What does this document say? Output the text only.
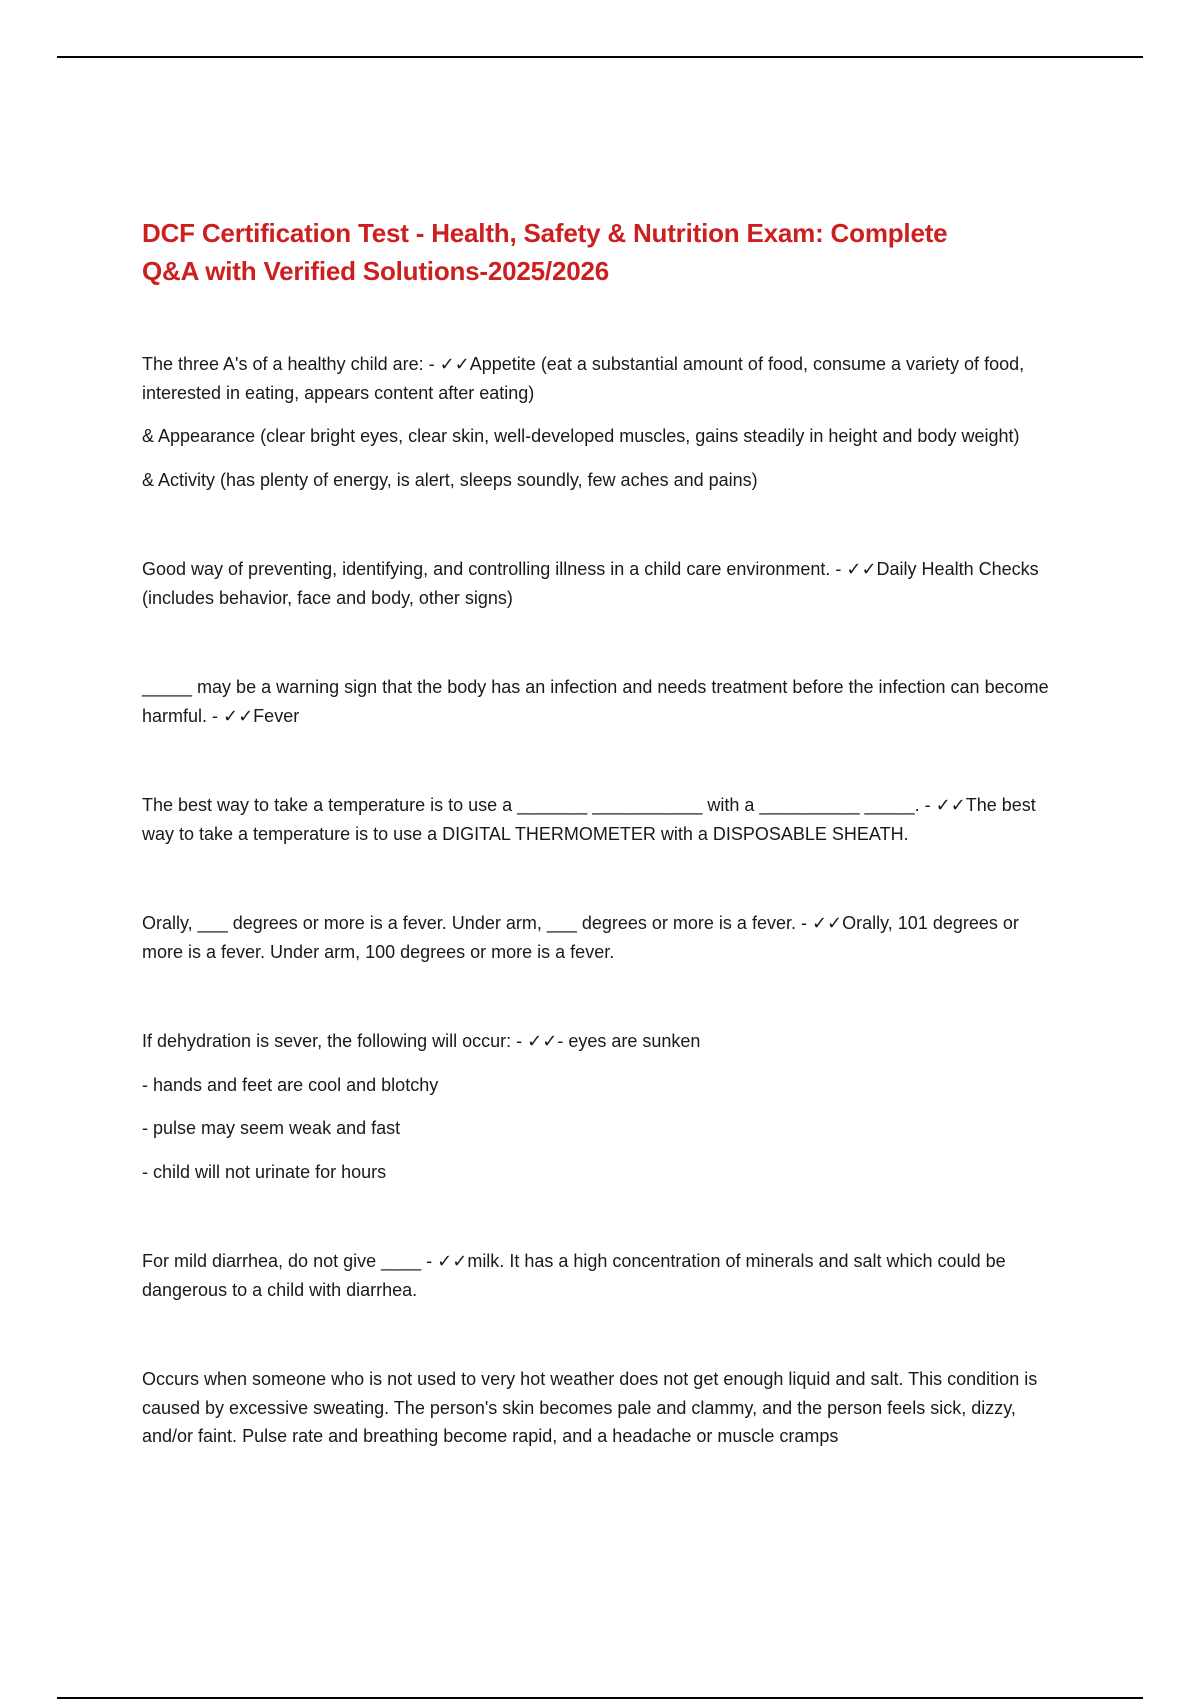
DCF Certification Test - Health, Safety & Nutrition Exam: Complete
Q&A with Verified Solutions-2025/2026

The three A's of a healthy child are: - ✓✓Appetite (eat a substantial amount of food, consume a variety of food, interested in eating, appears content after eating)

& Appearance (clear bright eyes, clear skin, well-developed muscles, gains steadily in height and body weight)

& Activity (has plenty of energy, is alert, sleeps soundly, few aches and pains)

Good way of preventing, identifying, and controlling illness in a child care environment. - ✓✓Daily Health Checks (includes behavior, face and body, other signs)

_____ may be a warning sign that the body has an infection and needs treatment before the infection can become harmful. - ✓✓Fever

The best way to take a temperature is to use a _______ ___________ with a __________ _____. - ✓✓The best way to take a temperature is to use a DIGITAL THERMOMETER with a DISPOSABLE SHEATH.

Orally, ___ degrees or more is a fever. Under arm, ___ degrees or more is a fever. - ✓✓Orally, 101 degrees or more is a fever. Under arm, 100 degrees or more is a fever.

If dehydration is sever, the following will occur: - ✓✓- eyes are sunken

- hands and feet are cool and blotchy

- pulse may seem weak and fast

- child will not urinate for hours

For mild diarrhea, do not give ____ - ✓✓milk. It has a high concentration of minerals and salt which could be dangerous to a child with diarrhea.

Occurs when someone who is not used to very hot weather does not get enough liquid and salt. This condition is caused by excessive sweating. The person's skin becomes pale and clammy, and the person feels sick, dizzy, and/or faint. Pulse rate and breathing become rapid, and a headache or muscle cramps
